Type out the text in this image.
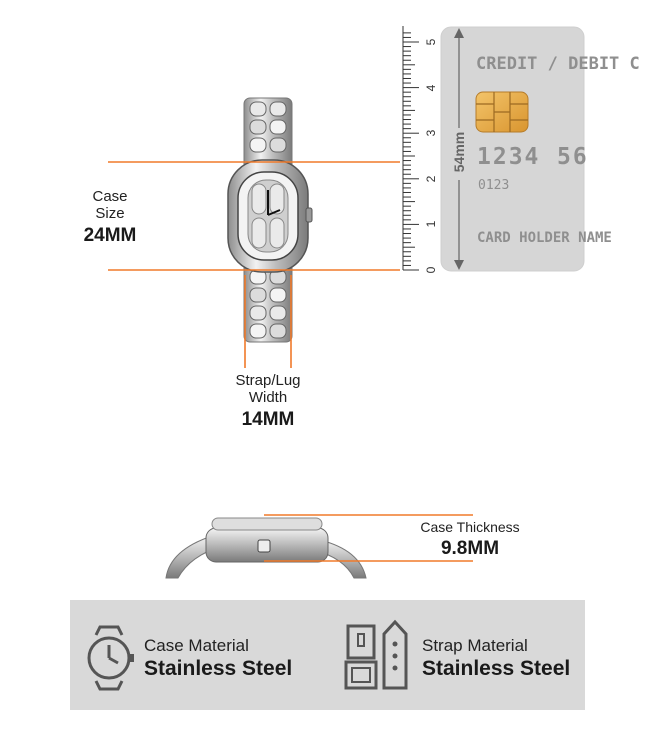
0
1
2
3
4
5
54mm
CREDIT / DEBIT C
1234 56
0123
CARD HOLDER NAME
Case
Size
24MM
Strap/Lug
Width
14MM
Case Thickness
9.8MM
Case Material
Stainless Steel
Strap Material
Stainless Steel
